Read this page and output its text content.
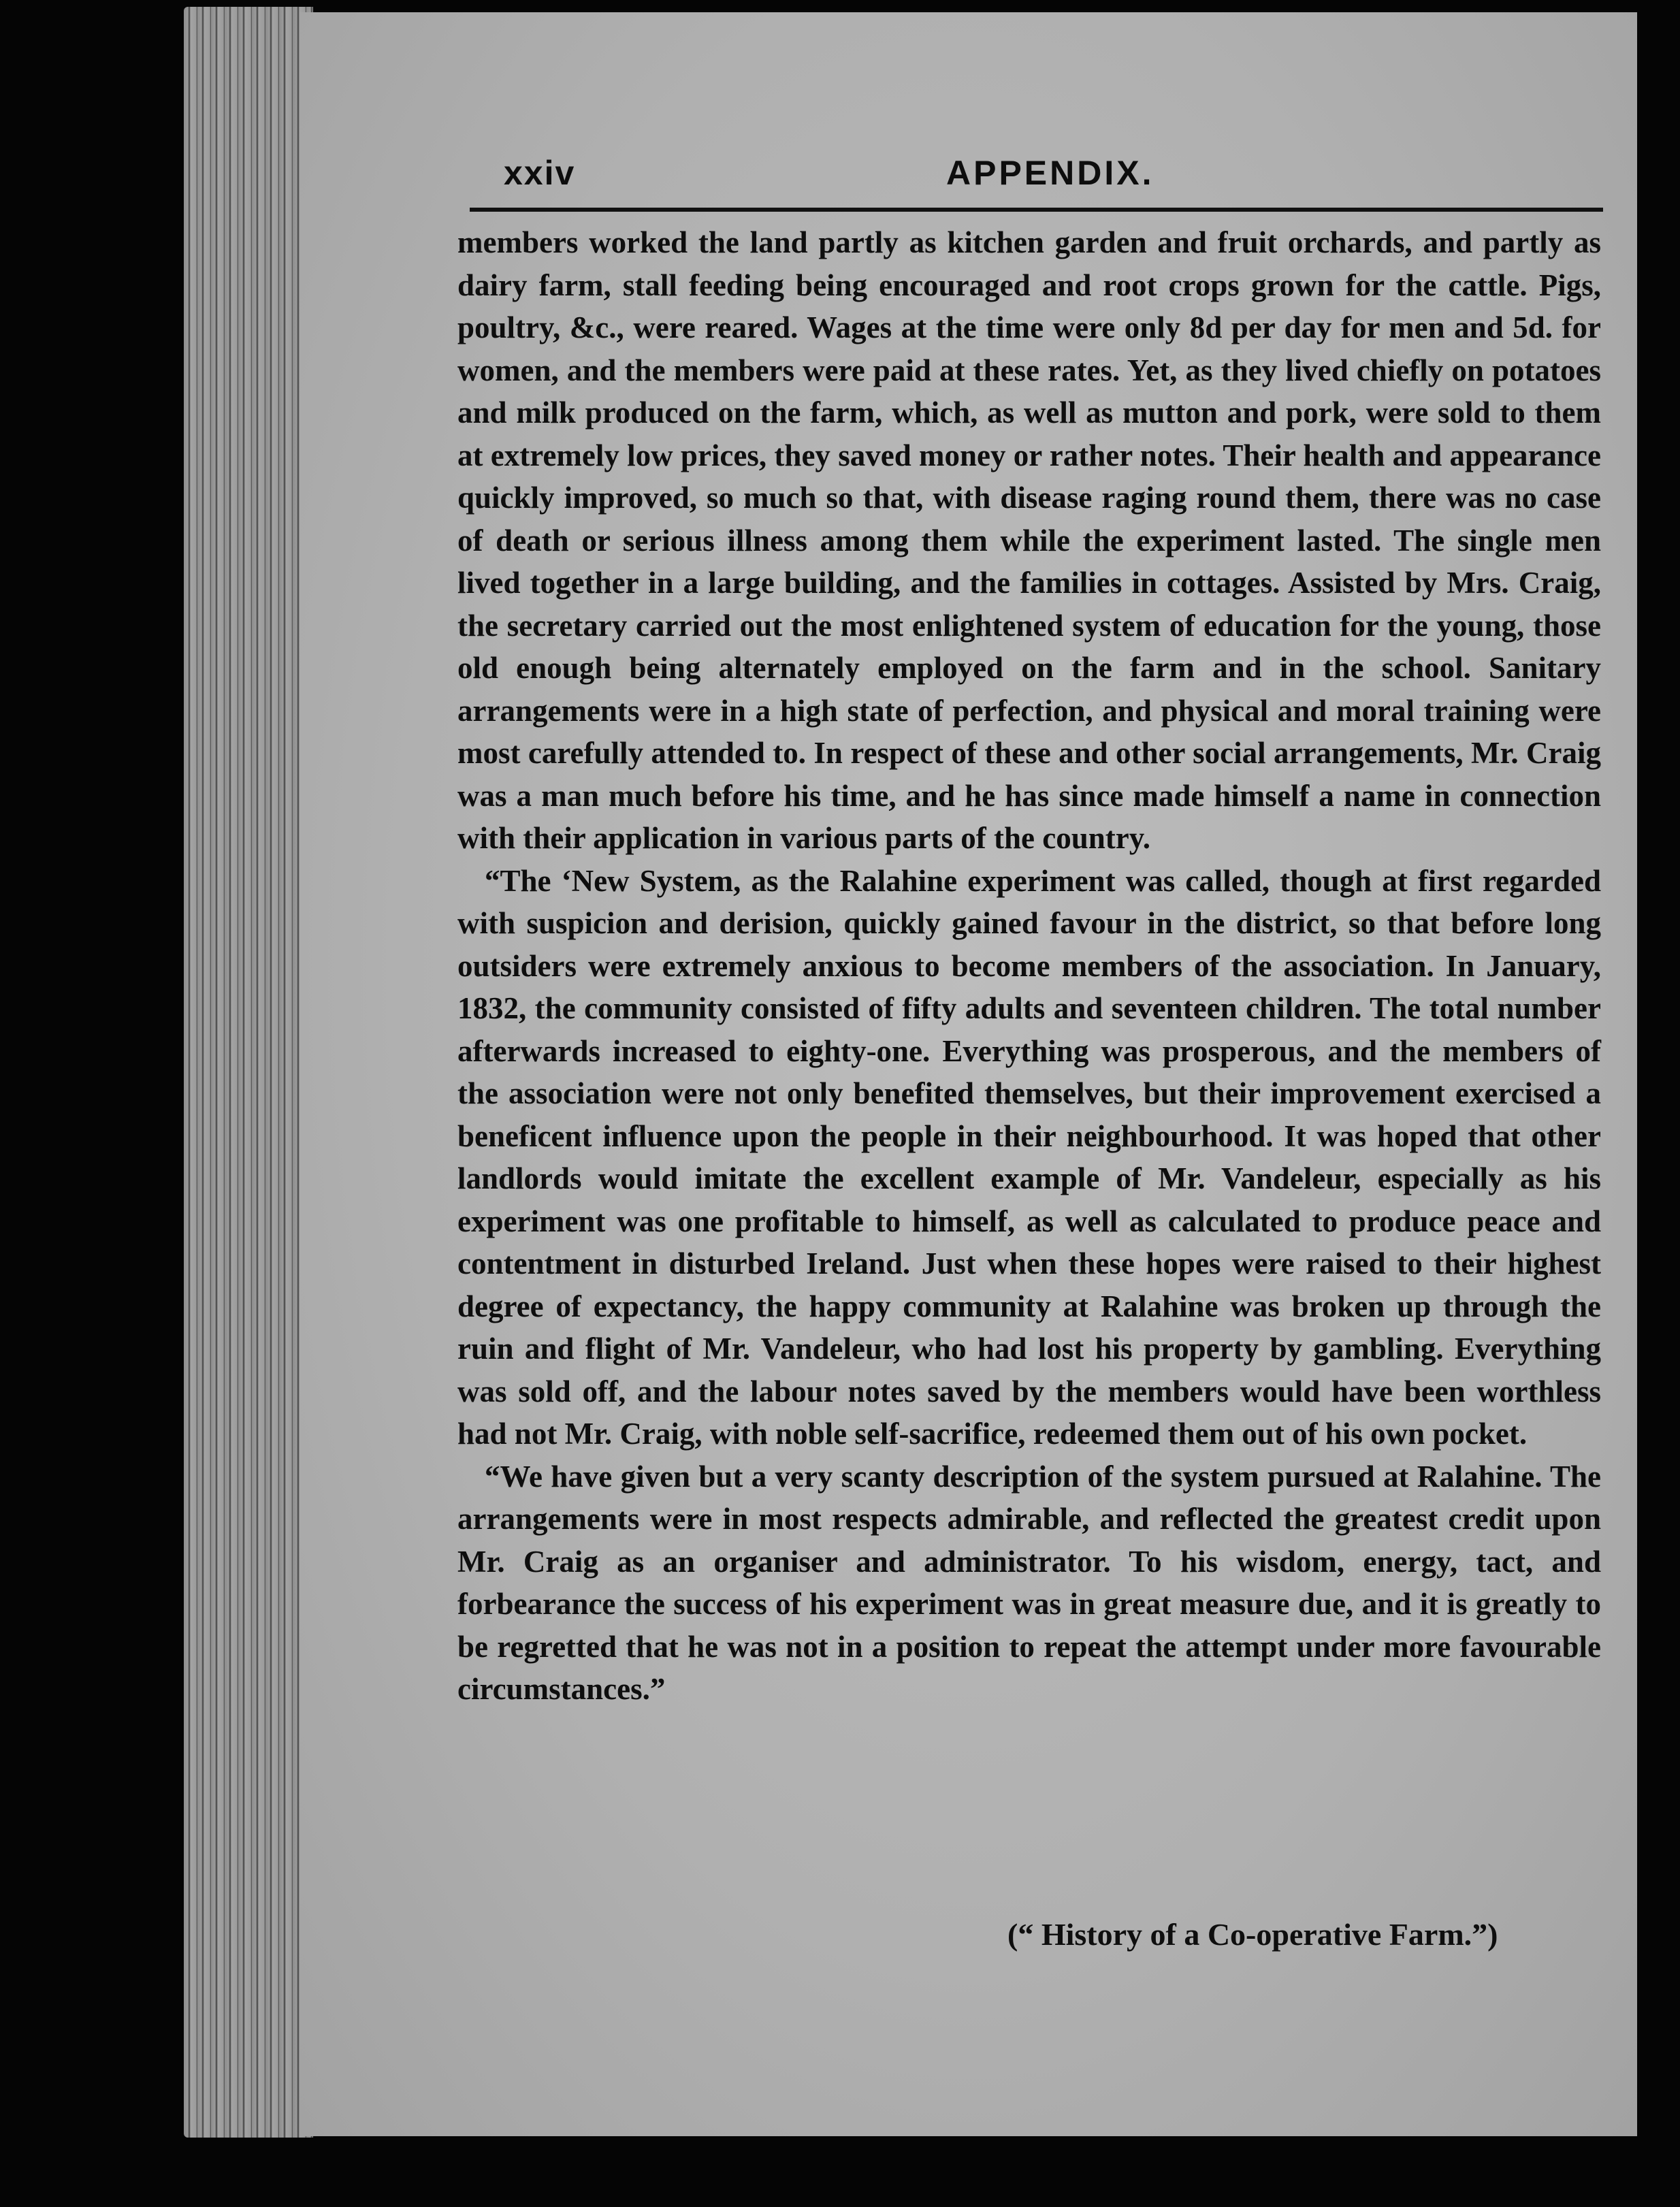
xxiv	APPENDIX.

members worked the land partly as kitchen garden and fruit orchards, and partly as dairy farm, stall feeding being encouraged and root crops grown for the cattle. Pigs, poultry, &c., were reared. Wages at the time were only 8d per day for men and 5d. for women, and the members were paid at these rates. Yet, as they lived chiefly on potatoes and milk produced on the farm, which, as well as mutton and pork, were sold to them at extremely low prices, they saved money or rather notes. Their health and appearance quickly improved, so much so that, with disease raging round them, there was no case of death or serious illness among them while the experiment lasted. The single men lived together in a large building, and the families in cottages. Assisted by Mrs. Craig, the secretary carried out the most enlightened system of education for the young, those old enough being alternately employed on the farm and in the school. Sanitary arrangements were in a high state of perfection, and physical and moral training were most carefully attended to. In respect of these and other social arrangements, Mr. Craig was a man much before his time, and he has since made himself a name in connection with their application in various parts of the country.

“The ‘New System, as the Ralahine experiment was called, though at first regarded with suspicion and derision, quickly gained favour in the district, so that before long outsiders were extremely anxious to become members of the association. In January, 1832, the community consisted of fifty adults and seventeen children. The total number afterwards increased to eighty-one. Everything was prosperous, and the members of the association were not only benefited themselves, but their improvement exercised a beneficent influence upon the people in their neighbourhood. It was hoped that other landlords would imitate the excellent example of Mr. Vandeleur, especially as his experiment was one profitable to himself, as well as calculated to produce peace and contentment in disturbed Ireland. Just when these hopes were raised to their highest degree of expectancy, the happy community at Ralahine was broken up through the ruin and flight of Mr. Vandeleur, who had lost his property by gambling. Everything was sold off, and the labour notes saved by the members would have been worthless had not Mr. Craig, with noble self-sacrifice, redeemed them out of his own pocket.

“We have given but a very scanty description of the system pursued at Ralahine. The arrangements were in most respects admirable, and reflected the greatest credit upon Mr. Craig as an organiser and administrator. To his wisdom, energy, tact, and forbearance the success of his experiment was in great measure due, and it is greatly to be regretted that he was not in a position to repeat the attempt under more favourable circumstances.”

(“ History of a Co-operative Farm.”)
